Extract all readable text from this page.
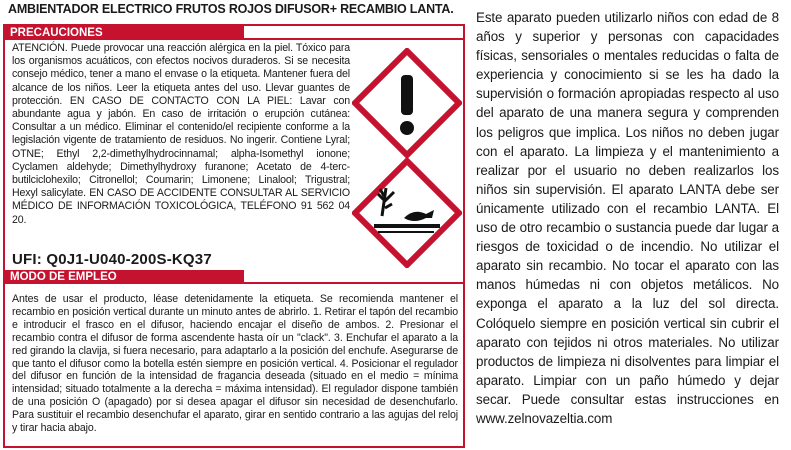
AMBIENTADOR ELECTRICO FRUTOS ROJOS DIFUSOR+ RECAMBIO LANTA.
PRECAUCIONES

ATENCIÓN. Puede provocar una reacción alérgica en la piel. Tóxico para los organismos acuáticos, con efectos nocivos duraderos. Si se necesita consejo médico, tener a mano el envase o la etiqueta. Mantener fuera del alcance de los niños. Leer la etiqueta antes del uso. Llevar guantes de protección. EN CASO DE CONTACTO CON LA PIEL: Lavar con abundante agua y jabón. En caso de irritación o erupción cutánea: Consultar a un médico. Eliminar el contenido/el recipiente conforme a la legislación vigente de tratamiento de residuos. No ingerir. Contiene Lyral; OTNE; Ethyl 2,2-dimethylhydrocinnamal; alpha-Isomethyl ionone; Cyclamen aldehyde; Dimethylhydroxy furanone; Acetato de 4-terc-butilciclohexilo; Citronellol; Coumarin; Limonene; Linalool; Trigustral; Hexyl salicylate. EN CASO DE ACCIDENTE CONSULTAR AL SERVICIO MÉDICO DE INFORMACIÓN TOXICOLÓGICA, TELÉFONO 91 562 04 20.

UFI: Q0J1-U040-200S-KQ37
MODO DE EMPLEO

Antes de usar el producto, léase detenidamente la etiqueta. Se recomienda mantener el recambio en posición vertical durante un minuto antes de abrirlo. 1. Retirar el tapón del recambio e introducir el frasco en el difusor, haciendo encajar el diseño de ambos. 2. Presionar el recambio contra el difusor de forma ascendente hasta oír un "clack". 3. Enchufar el aparato a la red girando la clavija, si fuera necesario, para adaptarlo a la posición del enchufe. Asegurarse de que tanto el difusor como la botella estén siempre en posición vertical. 4. Posicionar el regulador del difusor en función de la intensidad de fragancia deseada (situado en el medio = mínima intensidad; situado totalmente a la derecha = máxima intensidad). El regulador dispone también de una posición O (apagado) por si desea apagar el difusor sin necesidad de desenchufarlo. Para sustituir el recambio desenchufar el aparato, girar en sentido contrario a las agujas del reloj y tirar hacia abajo.

Este aparato pueden utilizarlo niños con edad de 8 años y superior y personas con capacidades físicas, sensoriales o mentales reducidas o falta de experiencia y conocimiento si se les ha dado la supervisión o formación apropiadas respecto al uso del aparato de una manera segura y comprenden los peligros que implica. Los niños no deben jugar con el aparato. La limpieza y el mantenimiento a realizar por el usuario no deben realizarlos los niños sin supervisión. El aparato LANTA debe ser únicamente utilizado con el recambio LANTA. El uso de otro recambio o sustancia puede dar lugar a riesgos de toxicidad o de incendio. No utilizar el aparato sin recambio. No tocar el aparato con las manos húmedas ni con objetos metálicos. No exponga el aparato a la luz del sol directa. Colóquelo siempre en posición vertical sin cubrir el aparato con tejidos ni otros materiales. No utilizar productos de limpieza ni disolventes para limpiar el aparato. Limpiar con un paño húmedo y dejar secar. Puede consultar estas instrucciones en www.zelnovazeltia.com
